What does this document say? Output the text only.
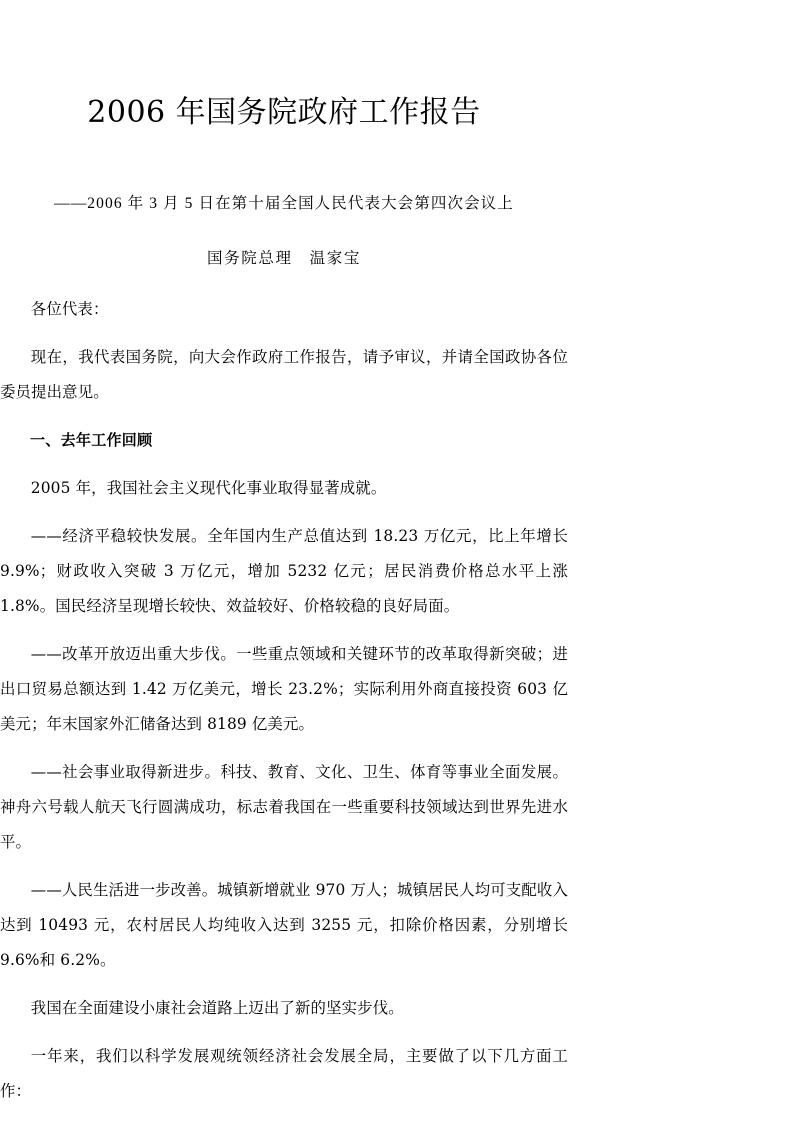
2006 年国务院政府工作报告
——2006 年 3 月 5 日在第十届全国人民代表大会第四次会议上
国务院总理　温家宝

各位代表：

现在，我代表国务院，向大会作政府工作报告，请予审议，并请全国政协各位委员提出意见。

一、去年工作回顾

2005 年，我国社会主义现代化事业取得显著成就。

——经济平稳较快发展。全年国内生产总值达到 18.23 万亿元，比上年增长 9.9%；财政收入突破 3 万亿元，增加 5232 亿元；居民消费价格总水平上涨 1.8%。国民经济呈现增长较快、效益较好、价格较稳的良好局面。

——改革开放迈出重大步伐。一些重点领域和关键环节的改革取得新突破；进出口贸易总额达到 1.42 万亿美元，增长 23.2%；实际利用外商直接投资 603 亿美元；年末国家外汇储备达到 8189 亿美元。

——社会事业取得新进步。科技、教育、文化、卫生、体育等事业全面发展。神舟六号载人航天飞行圆满成功，标志着我国在一些重要科技领域达到世界先进水平。

——人民生活进一步改善。城镇新增就业 970 万人；城镇居民人均可支配收入达到 10493 元，农村居民人均纯收入达到 3255 元，扣除价格因素，分别增长 9.6%和 6.2%。

我国在全面建设小康社会道路上迈出了新的坚实步伐。

一年来，我们以科学发展观统领经济社会发展全局，主要做了以下几方面工作：
